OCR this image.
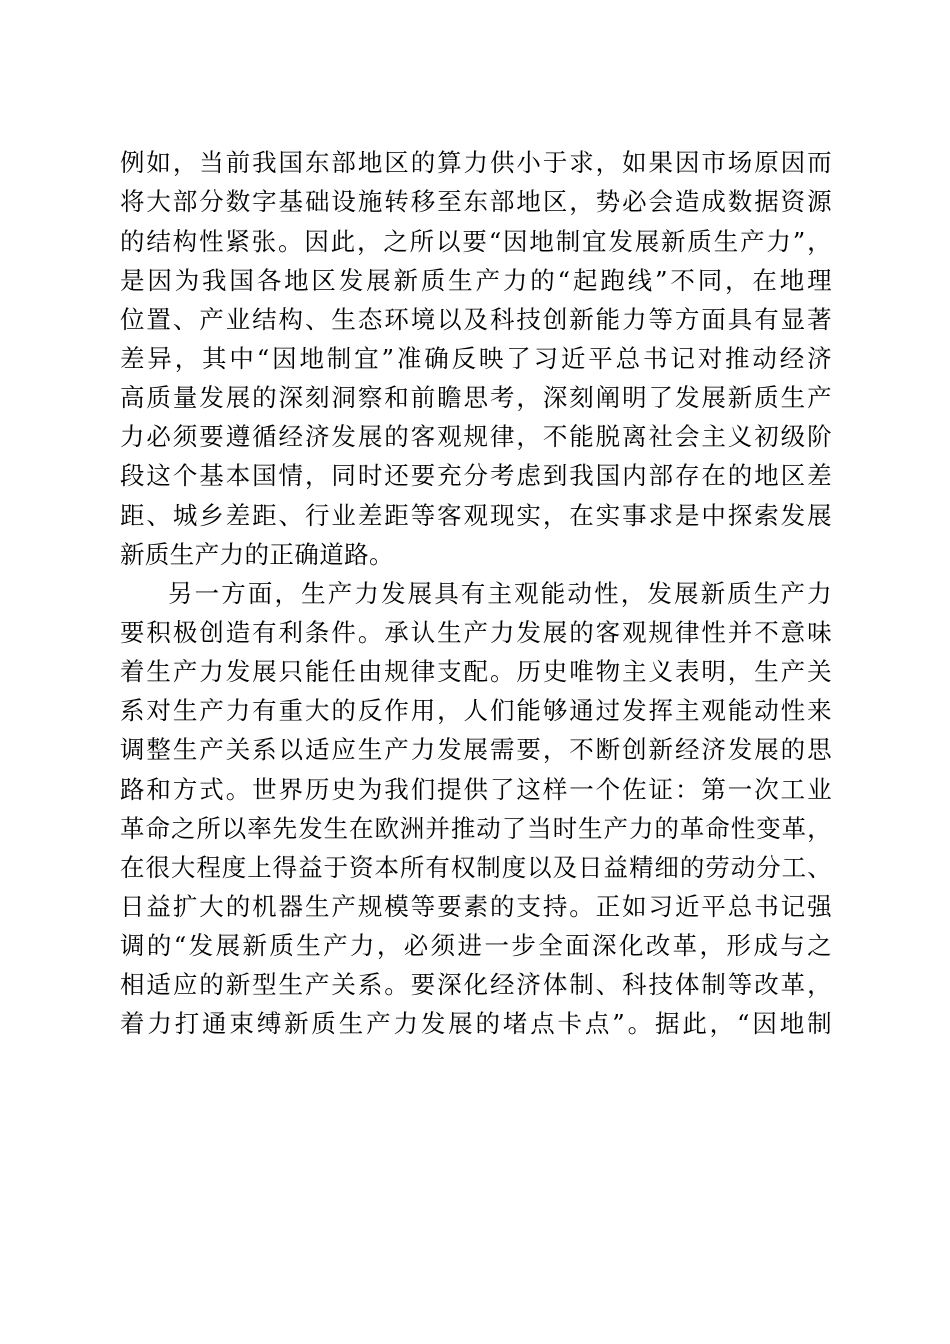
例如，当前我国东部地区的算力供小于求，如果因市场原因而
将大部分数字基础设施转移至东部地区，势必会造成数据资源
的结构性紧张。因此，之所以要“因地制宜发展新质生产力”，
是因为我国各地区发展新质生产力的“起跑线”不同，在地理
位置、产业结构、生态环境以及科技创新能力等方面具有显著
差异，其中“因地制宜”准确反映了习近平总书记对推动经济
高质量发展的深刻洞察和前瞻思考，深刻阐明了发展新质生产
力必须要遵循经济发展的客观规律，不能脱离社会主义初级阶
段这个基本国情，同时还要充分考虑到我国内部存在的地区差
距、城乡差距、行业差距等客观现实，在实事求是中探索发展
新质生产力的正确道路。
另一方面，生产力发展具有主观能动性，发展新质生产力
要积极创造有利条件。承认生产力发展的客观规律性并不意味
着生产力发展只能任由规律支配。历史唯物主义表明，生产关
系对生产力有重大的反作用，人们能够通过发挥主观能动性来
调整生产关系以适应生产力发展需要，不断创新经济发展的思
路和方式。世界历史为我们提供了这样一个佐证：第一次工业
革命之所以率先发生在欧洲并推动了当时生产力的革命性变革，
在很大程度上得益于资本所有权制度以及日益精细的劳动分工、
日益扩大的机器生产规模等要素的支持。正如习近平总书记强
调的“发展新质生产力，必须进一步全面深化改革，形成与之
相适应的新型生产关系。要深化经济体制、科技体制等改革，
着力打通束缚新质生产力发展的堵点卡点”。据此，“因地制
